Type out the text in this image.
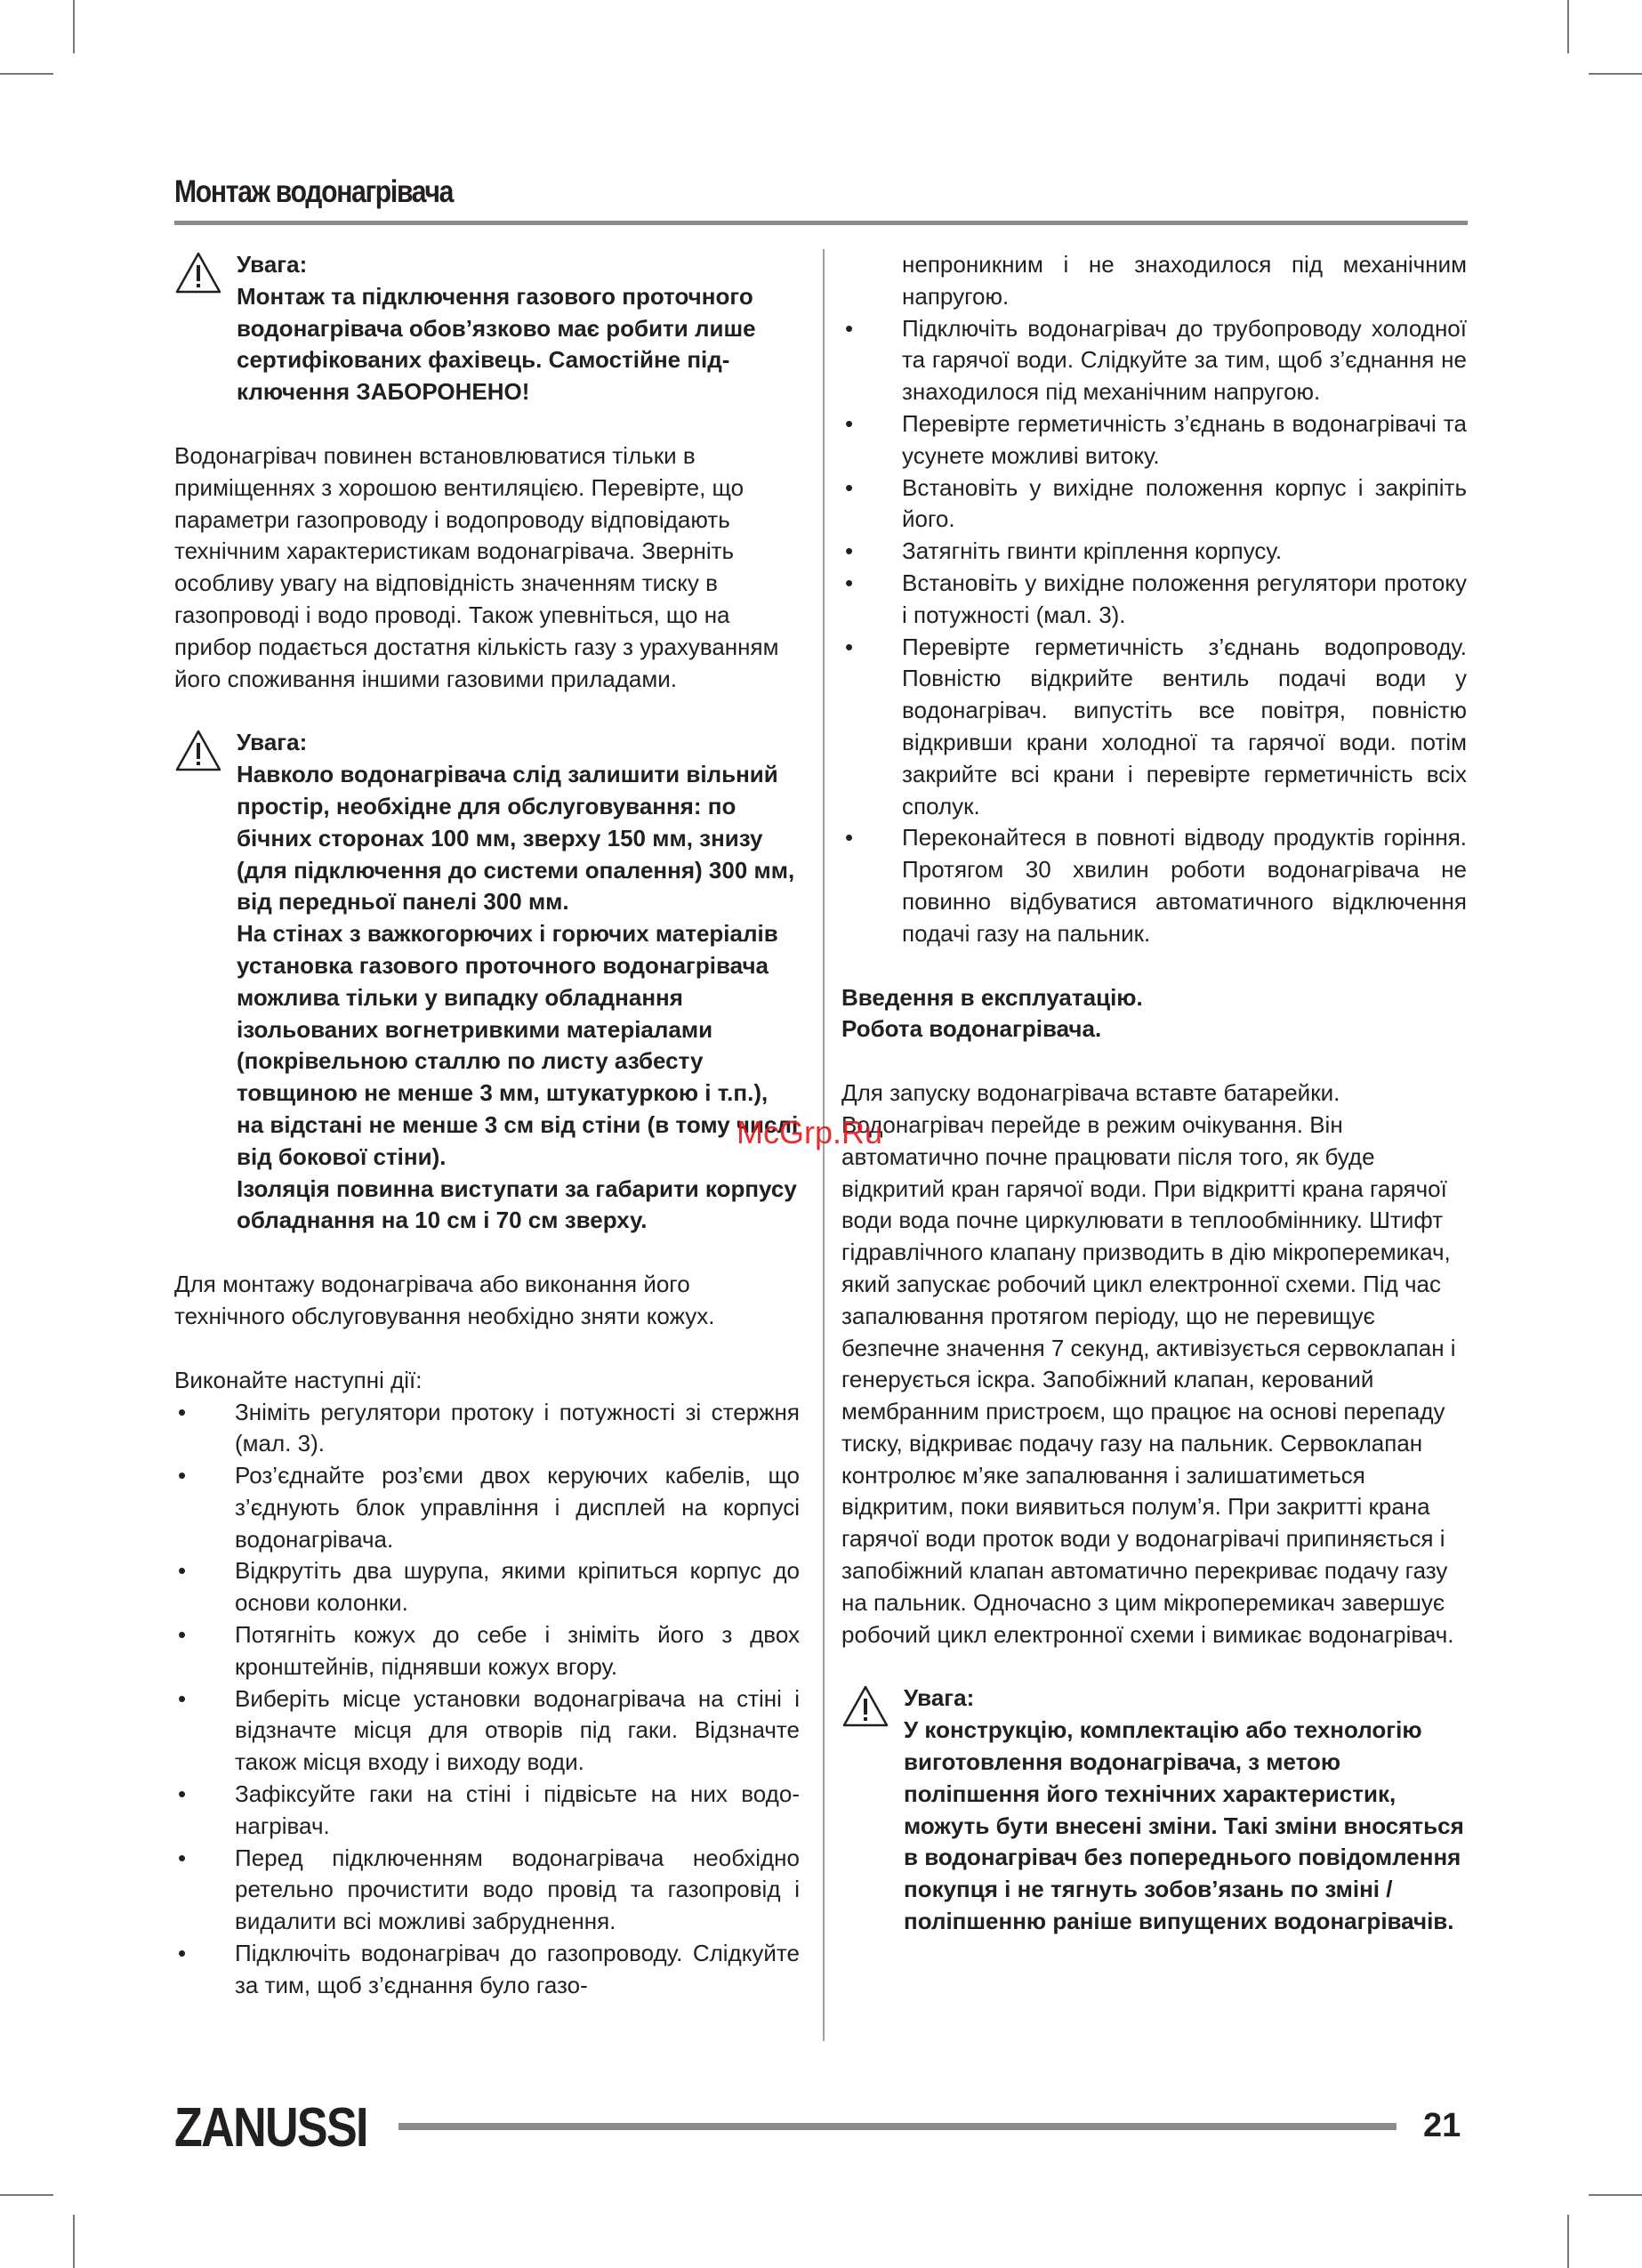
Монтаж водонагрівача

Увага:

Монтаж та підключення газового проточного водонагрівача обов’язково має робити лише сертифікованих фахівець. Самостійне підключення ЗАБОРОНЕНО!

Водонагрівач повинен встановлюватися тільки в приміщеннях з хорошою вентиляцією. Перевірте, що параметри газопроводу і водопроводу відповідають технічним характеристикам водонагрівача. Зверніть особливу увагу на відповідність значенням тиску в газопроводі і водо проводі. Також упевніться, що на прибор подається достатня кількість газу з урахуванням його споживання іншими газовими приладами.

Увага:

Навколо водонагрівача слід залишити вільний простір, необхідне для обслуговування: по бічних сторонах 100 мм, зверху 150 мм, знизу (для підключення до системи опалення) 300 мм, від передньої панелі 300 мм.

На стінах з важкогорючих і горючих матеріалів установка газового проточного водонагрівача можлива тільки у випадку обладнання ізольованих вогнетривкими матеріалами (покрівельною сталлю по листу азбесту товщиною не менше 3 мм, штукатуркою і т.п.), на відстані не менше 3 см від стіни (в тому числі від бокової стіни).

Ізоляція повинна виступати за габарити корпусу обладнання на 10 см і 70 см зверху.

Для монтажу водонагрівача або виконання його технічного обслуговування необхідно зняти кожух.

Виконайте наступні дії:

• Зніміть регулятори протоку і потужності зі стержня (мал. 3).
• Роз’єднайте роз’єми двох керуючих кабелів, що з’єднують блок управління і дисплей на корпусі водонагрівача.
• Відкрутіть два шурупа, якими кріпиться корпус до основи колонки.
• Потягніть кожух до себе і зніміть його з двох кронштейнів, піднявши кожух вгору.
• Виберіть місце установки водонагрівача на стіні і відзначте місця для отворів під гаки. Відзначте також місця входу і виходу води.
• Зафіксуйте гаки на стіні і підвісьте на них водонагрівач.
• Перед підключенням водонагрівача необхідно ретельно прочистити водо провід та газопровід і видалити всі можливі забруднення.
• Підключіть водонагрівач до газопроводу. Слідкуйте за тим, щоб з’єднання було газо-

непроникним і не знаходилося під механічним напругою.

• Підключіть водонагрівач до трубопроводу холодної та гарячої води. Слідкуйте за тим, щоб з’єднання не знаходилося під механічним напругою.
• Перевірте герметичність з’єднань в водонагрівачі та усунете можливі витоку.
• Встановіть у вихідне положення корпус і закріпіть його.
• Затягніть гвинти кріплення корпусу.
• Встановіть у вихідне положення регулятори протоку і потужності (мал. 3).
• Перевірте герметичність з’єднань водопроводу. Повністю відкрийте вентиль подачі води у водонагрівач. випустіть все повітря, повністю відкривши крани холодної та гарячої води. потім закрийте всі крани і перевірте герметичність всіх сполук.
• Переконайтеся в повноті відводу продуктів горіння. Протягом 30 хвилин роботи водонагрівача не повинно відбуватися автоматичного відключення подачі газу на пальник.

Введення в експлуатацію.

Робота водонагрівача.

Для запуску водонагрівача вставте батарейки. Водонагрівач перейде в режим очікування. Він автоматично почне працювати після того, як буде відкритий кран гарячої води. При відкритті крана гарячої води вода почне циркулювати в теплообміннику. Штифт гідравлічного клапану призводить в дію мікроперемикач, який запускає робочий цикл електронної схеми. Під час запалювання протягом періоду, що не перевищує безпечне значення 7 секунд, активізується сервоклапан і генерується іскра. Запобіжний клапан, керований мембранним пристроєм, що працює на основі перепаду тиску, відкриває подачу газу на пальник. Сервоклапан контролює м’яке запалювання і залишатиметься відкритим, поки виявиться полум’я. При закритті крана гарячої води проток води у водонагрівачі припиняється і запобіжний клапан автоматично перекриває подачу газу на пальник. Одночасно з цим мікроперемикач завершує робочий цикл електронної схеми і вимикає водонагрівач.

Увага:

У конструкцію, комплектацію або технологію виготовлення водонагрівача, з метою поліпшення його технічних характеристик, можуть бути внесені зміни. Такі зміни вносяться в водонагрівач без попереднього повідомлення покупця і не тягнуть зобов’язань по зміні / поліпшенню раніше випущених водонагрівачів.

McGrp.Ru
ZANUSSI	21
